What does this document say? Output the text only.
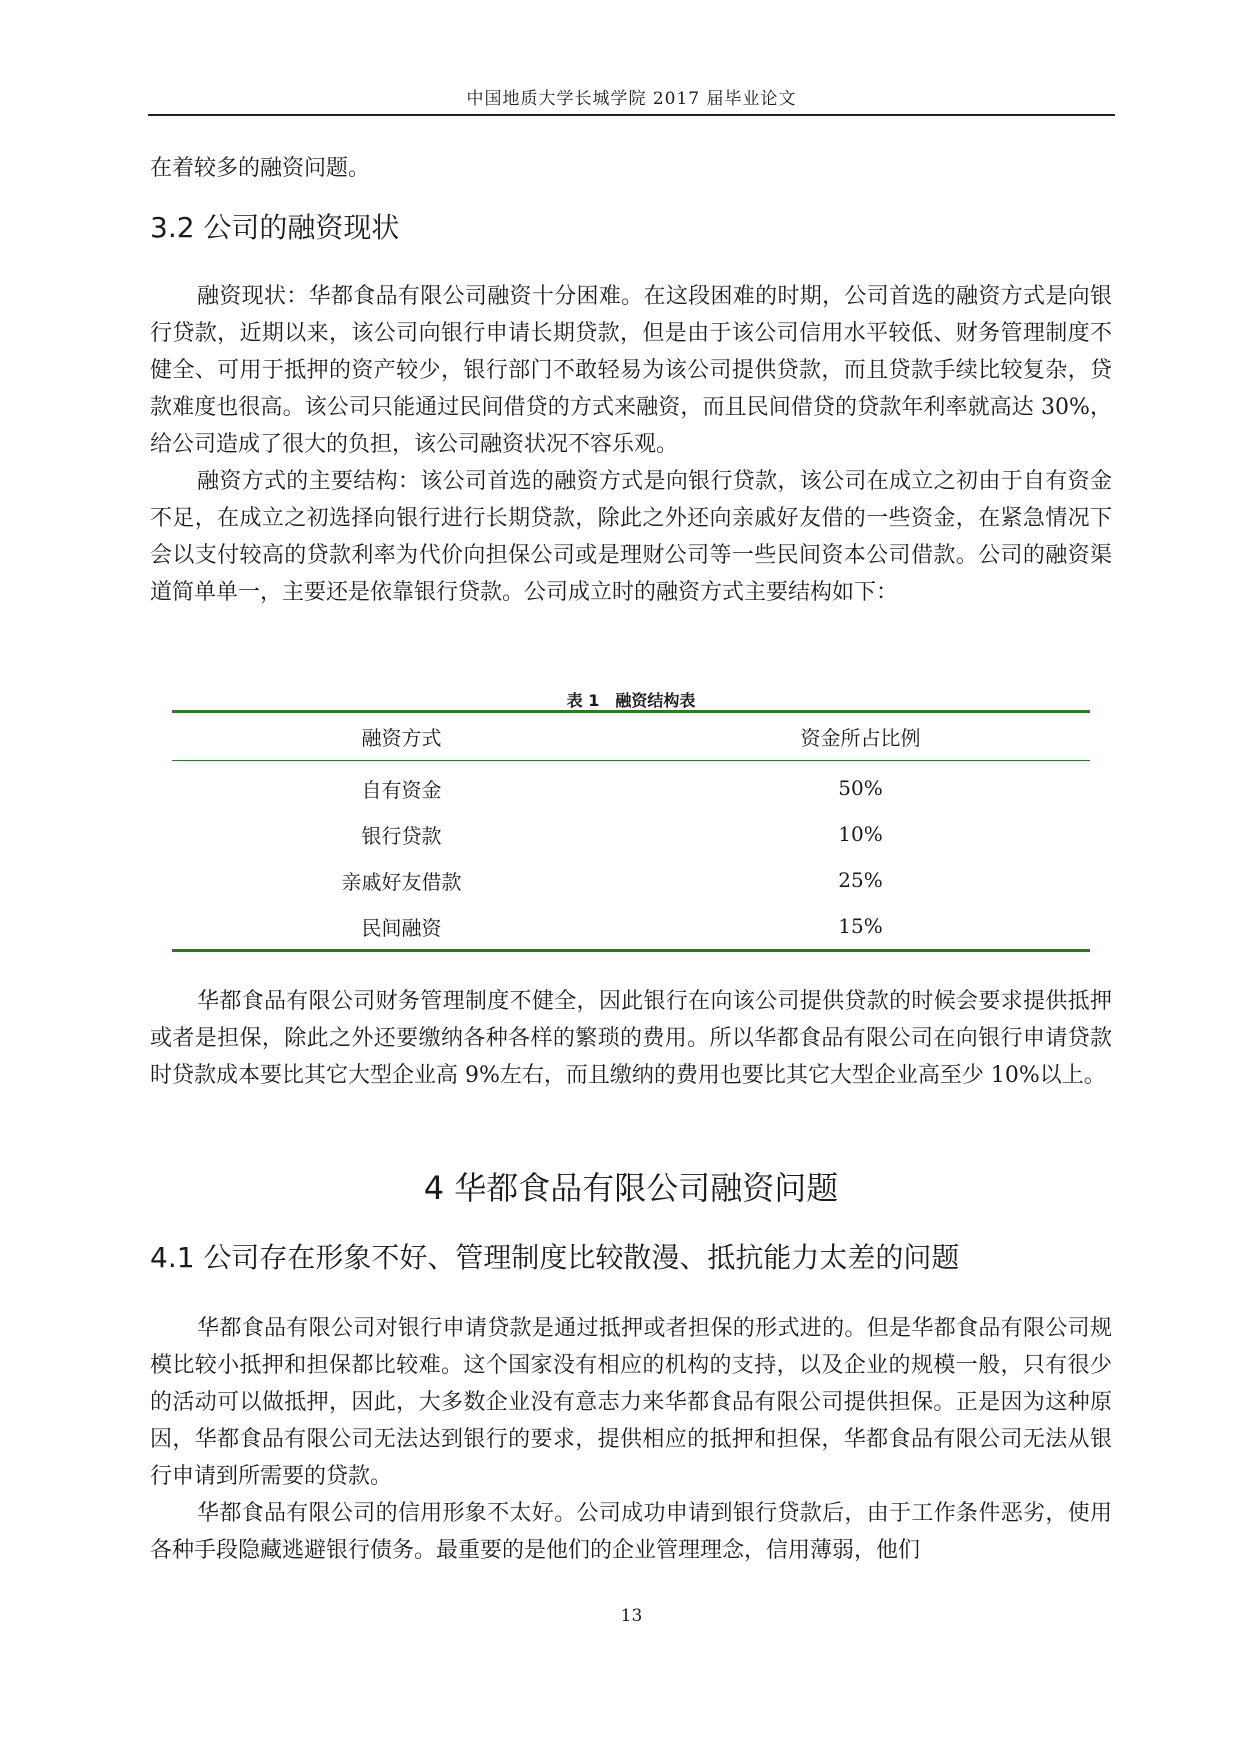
中国地质大学长城学院 2017 届毕业论文

在着较多的融资问题。

3.2 公司的融资现状

融资现状：华都食品有限公司融资十分困难。在这段困难的时期，公司首选的融资方式是向银行贷款，近期以来，该公司向银行申请长期贷款，但是由于该公司信用水平较低、财务管理制度不健全、可用于抵押的资产较少，银行部门不敢轻易为该公司提供贷款，而且贷款手续比较复杂，贷款难度也很高。该公司只能通过民间借贷的方式来融资，而且民间借贷的贷款年利率就高达 30%，给公司造成了很大的负担，该公司融资状况不容乐观。

融资方式的主要结构：该公司首选的融资方式是向银行贷款，该公司在成立之初由于自有资金不足，在成立之初选择向银行进行长期贷款，除此之外还向亲戚好友借的一些资金，在紧急情况下会以支付较高的贷款利率为代价向担保公司或是理财公司等一些民间资本公司借款。公司的融资渠道简单单一，主要还是依靠银行贷款。公司成立时的融资方式主要结构如下：

表 1 融资结构表
融资方式	资金所占比例
自有资金	50%
银行贷款	10%
亲戚好友借款	25%
民间融资	15%

华都食品有限公司财务管理制度不健全，因此银行在向该公司提供贷款的时候会要求提供抵押或者是担保，除此之外还要缴纳各种各样的繁琐的费用。所以华都食品有限公司在向银行申请贷款时贷款成本要比其它大型企业高 9%左右，而且缴纳的费用也要比其它大型企业高至少 10%以上。

4 华都食品有限公司融资问题
4.1 公司存在形象不好、管理制度比较散漫、抵抗能力太差的问题

华都食品有限公司对银行申请贷款是通过抵押或者担保的形式进的。但是华都食品有限公司规模比较小抵押和担保都比较难。这个国家没有相应的机构的支持，以及企业的规模一般，只有很少的活动可以做抵押，因此，大多数企业没有意志力来华都食品有限公司提供担保。正是因为这种原因，华都食品有限公司无法达到银行的要求，提供相应的抵押和担保，华都食品有限公司无法从银行申请到所需要的贷款。

华都食品有限公司的信用形象不太好。公司成功申请到银行贷款后，由于工作条件恶劣，使用各种手段隐藏逃避银行债务。最重要的是他们的企业管理理念，信用薄弱，他们

13
